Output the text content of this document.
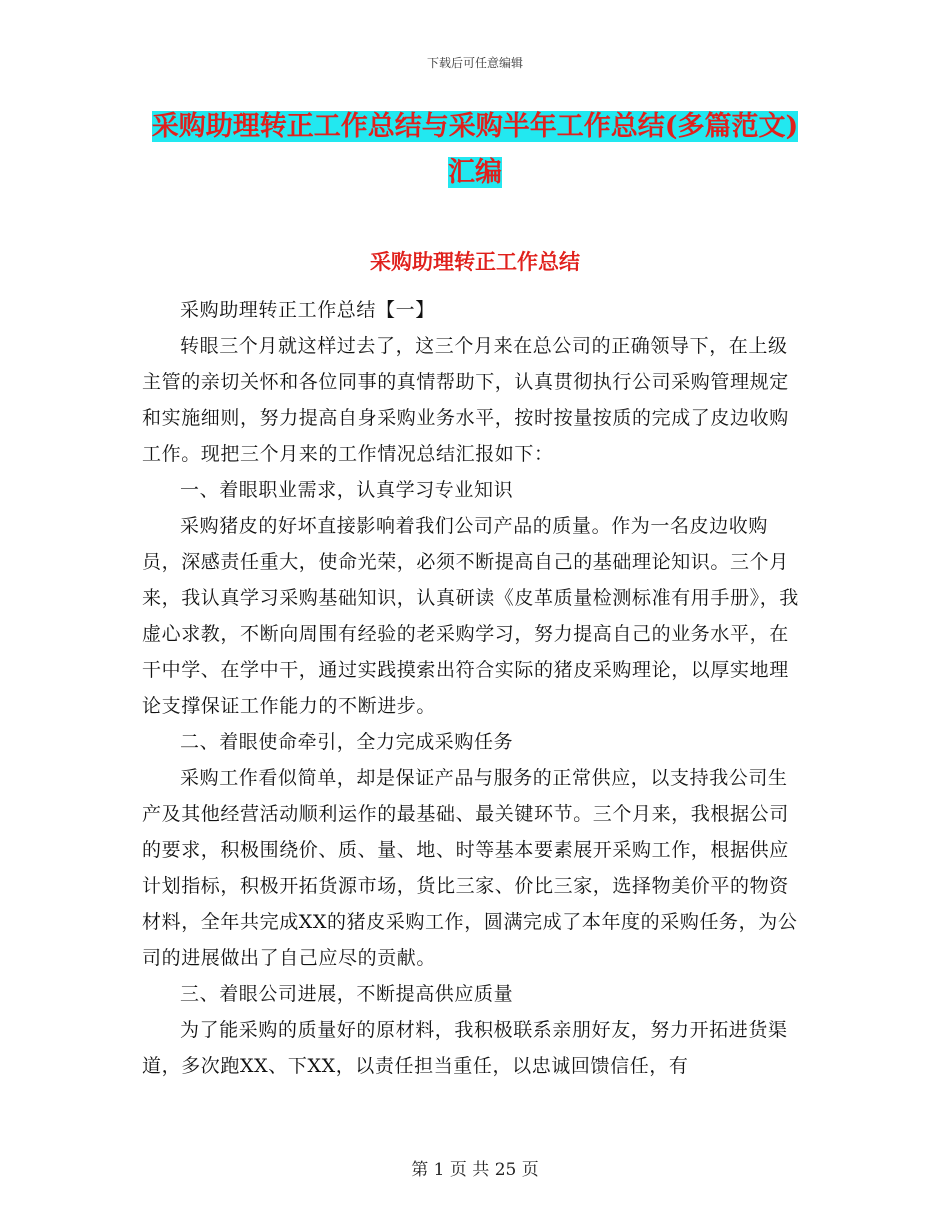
下载后可任意编辑
采购助理转正工作总结与采购半年工作总结(多篇范文)汇编
采购助理转正工作总结

采购助理转正工作总结【一】

转眼三个月就这样过去了，这三个月来在总公司的正确领导下，在上级主管的亲切关怀和各位同事的真情帮助下，认真贯彻执行公司采购管理规定和实施细则，努力提高自身采购业务水平，按时按量按质的完成了皮边收购工作。现把三个月来的工作情况总结汇报如下：

一、着眼职业需求，认真学习专业知识

采购猪皮的好坏直接影响着我们公司产品的质量。作为一名皮边收购员，深感责任重大，使命光荣，必须不断提高自己的基础理论知识。三个月来，我认真学习采购基础知识，认真研读《皮革质量检测标准有用手册》，我虚心求教，不断向周围有经验的老采购学习，努力提高自己的业务水平，在干中学、在学中干，通过实践摸索出符合实际的猪皮采购理论，以厚实地理论支撑保证工作能力的不断进步。

二、着眼使命牵引，全力完成采购任务

采购工作看似简单，却是保证产品与服务的正常供应，以支持我公司生产及其他经营活动顺利运作的最基础、最关键环节。三个月来，我根据公司的要求，积极围绕价、质、量、地、时等基本要素展开采购工作，根据供应计划指标，积极开拓货源市场，货比三家、价比三家，选择物美价平的物资材料，全年共完成XX的猪皮采购工作，圆满完成了本年度的采购任务，为公司的进展做出了自己应尽的贡献。

三、着眼公司进展，不断提高供应质量

为了能采购的质量好的原材料，我积极联系亲朋好友，努力开拓进货渠道，多次跑XX、下XX，以责任担当重任，以忠诚回馈信任，有

第 1 页 共 25 页
